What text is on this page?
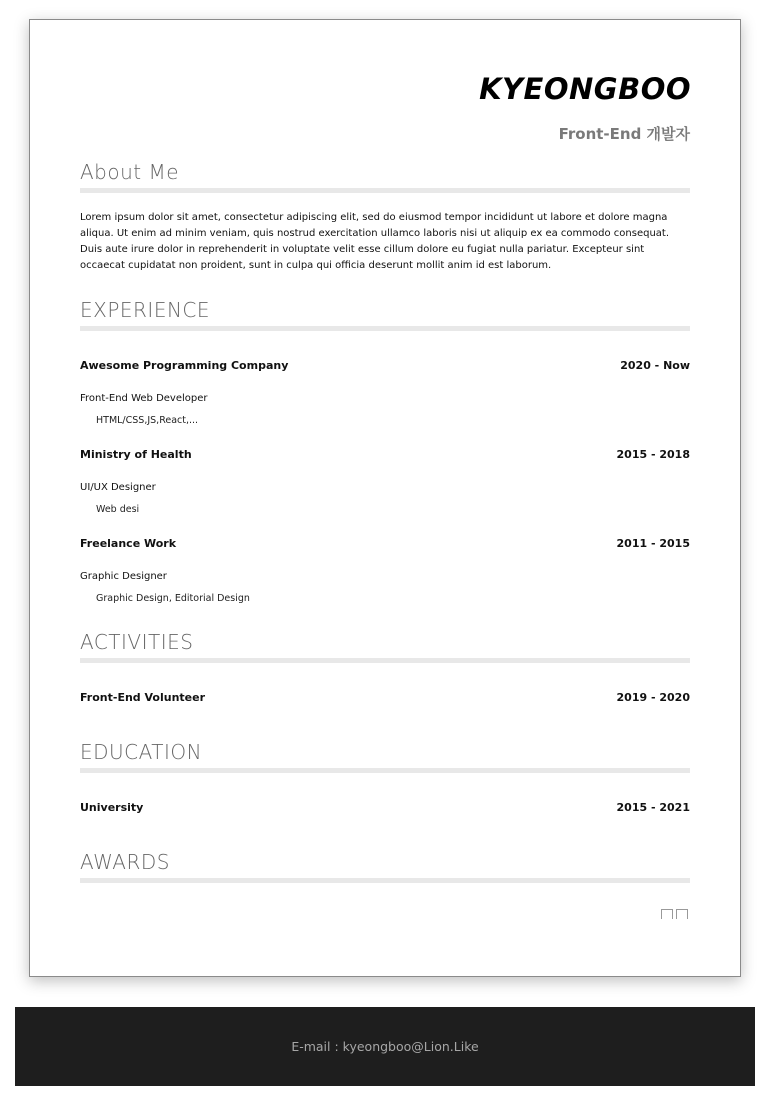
KYEONGBOO
Front-End 개발자
About Me
Lorem ipsum dolor sit amet, consectetur adipiscing elit, sed do eiusmod tempor incididunt ut labore et dolore magna aliqua. Ut enim ad minim veniam, quis nostrud exercitation ullamco laboris nisi ut aliquip ex ea commodo consequat. Duis aute irure dolor in reprehenderit in voluptate velit esse cillum dolore eu fugiat nulla pariatur. Excepteur sint occaecat cupidatat non proident, sunt in culpa qui officia deserunt mollit anim id est laborum.
EXPERIENCE
Awesome Programming Company	2020 - Now
Front-End Web Developer
HTML/CSS,JS,React,...
Ministry of Health	2015 - 2018
UI/UX Designer
Web desi
Freelance Work	2011 - 2015
Graphic Designer
Graphic Design, Editorial Design
ACTIVITIES
Front-End Volunteer	2019 - 2020
EDUCATION
University	2015 - 2021
AWARDS
E-mail : kyeongboo@Lion.Like
